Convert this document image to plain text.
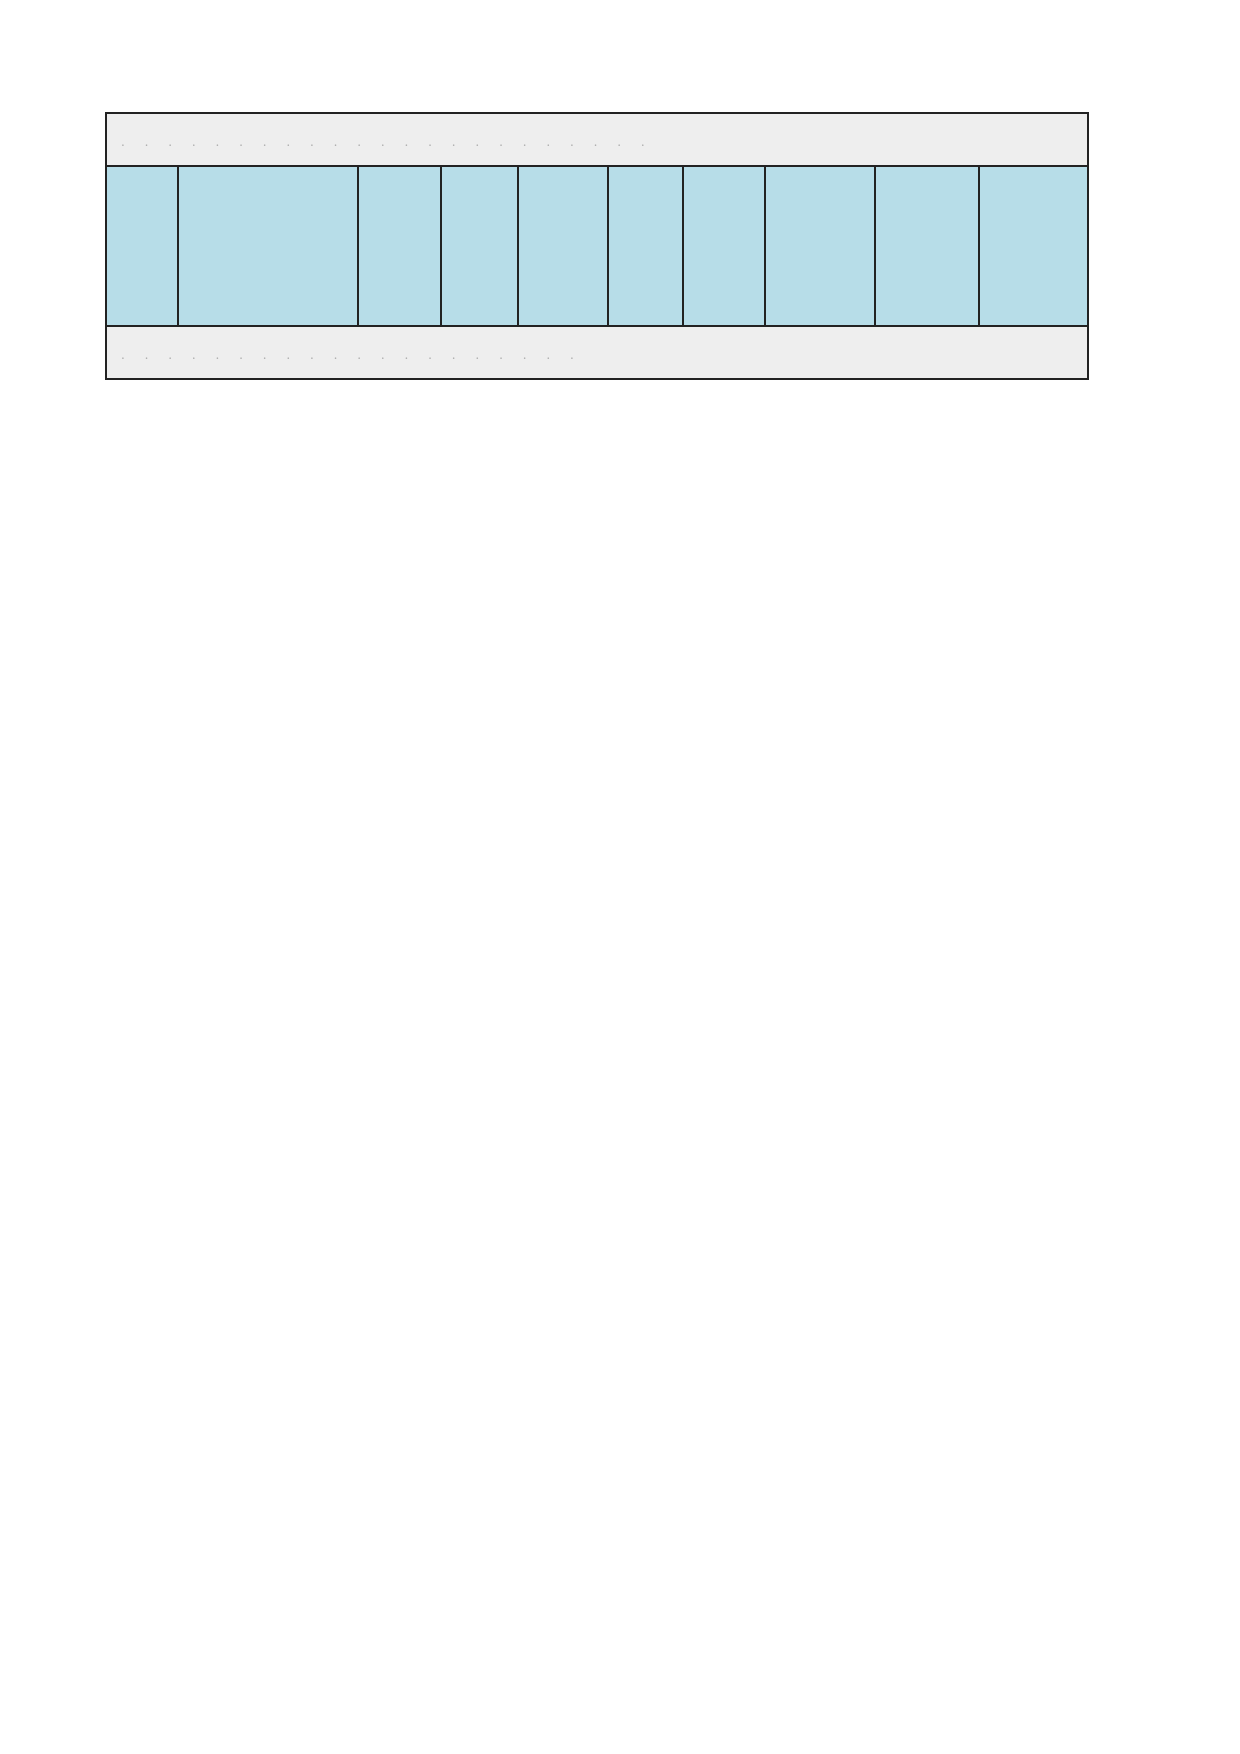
. . . . . . . . . . . . . . . . . . . . . . .

. . . . . . . . . . . . . . . . . . . .
